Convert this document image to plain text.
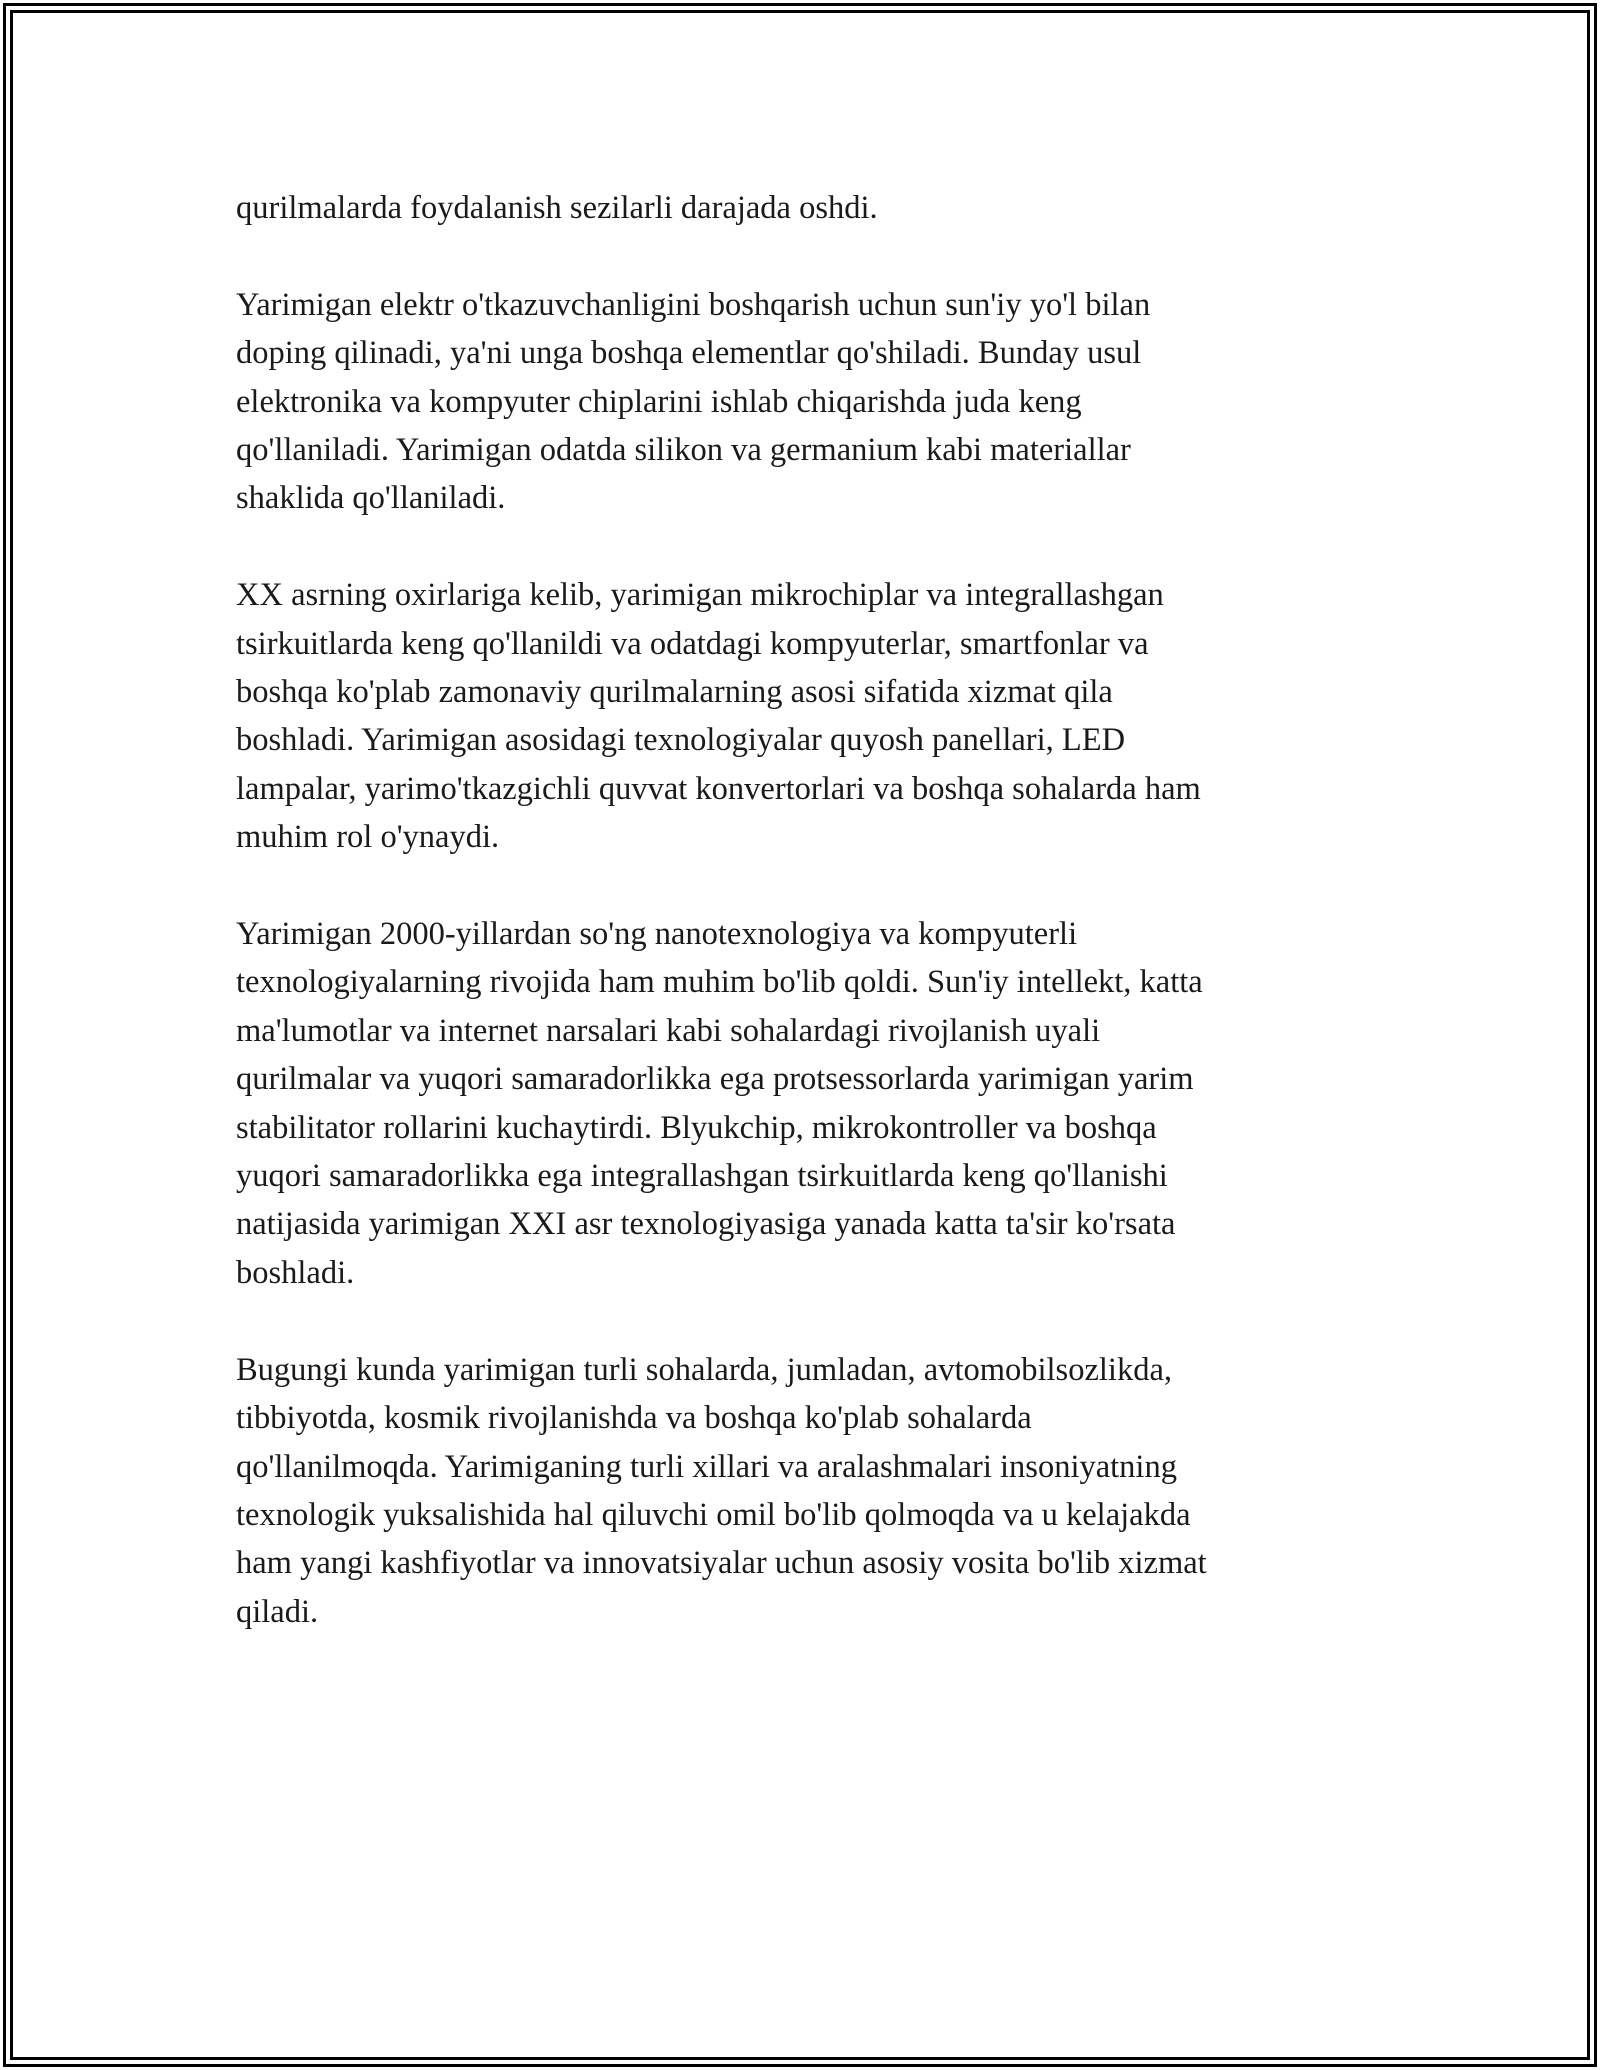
qurilmalarda foydalanish sezilarli darajada oshdi.

Yarimigan elektr o'tkazuvchanligini boshqarish uchun sun'iy yo'l bilan
doping qilinadi, ya'ni unga boshqa elementlar qo'shiladi. Bunday usul
elektronika va kompyuter chiplarini ishlab chiqarishda juda keng
qo'llaniladi. Yarimigan odatda silikon va germanium kabi materiallar
shaklida qo'llaniladi.

XX asrning oxirlariga kelib, yarimigan mikrochiplar va integrallashgan
tsirkuitlarda keng qo'llanildi va odatdagi kompyuterlar, smartfonlar va
boshqa ko'plab zamonaviy qurilmalarning asosi sifatida xizmat qila
boshladi. Yarimigan asosidagi texnologiyalar quyosh panellari, LED
lampalar, yarimo'tkazgichli quvvat konvertorlari va boshqa sohalarda ham
muhim rol o'ynaydi.

Yarimigan 2000-yillardan so'ng nanotexnologiya va kompyuterli
texnologiyalarning rivojida ham muhim bo'lib qoldi. Sun'iy intellekt, katta
ma'lumotlar va internet narsalari kabi sohalardagi rivojlanish uyali
qurilmalar va yuqori samaradorlikka ega protsessorlarda yarimigan yarim
stabilitator rollarini kuchaytirdi. Blyukchip, mikrokontroller va boshqa
yuqori samaradorlikka ega integrallashgan tsirkuitlarda keng qo'llanishi
natijasida yarimigan XXI asr texnologiyasiga yanada katta ta'sir ko'rsata
boshladi.

Bugungi kunda yarimigan turli sohalarda, jumladan, avtomobilsozlikda,
tibbiyotda, kosmik rivojlanishda va boshqa ko'plab sohalarda
qo'llanilmoqda. Yarimiganing turli xillari va aralashmalari insoniyatning
texnologik yuksalishida hal qiluvchi omil bo'lib qolmoqda va u kelajakda
ham yangi kashfiyotlar va innovatsiyalar uchun asosiy vosita bo'lib xizmat
qiladi.
